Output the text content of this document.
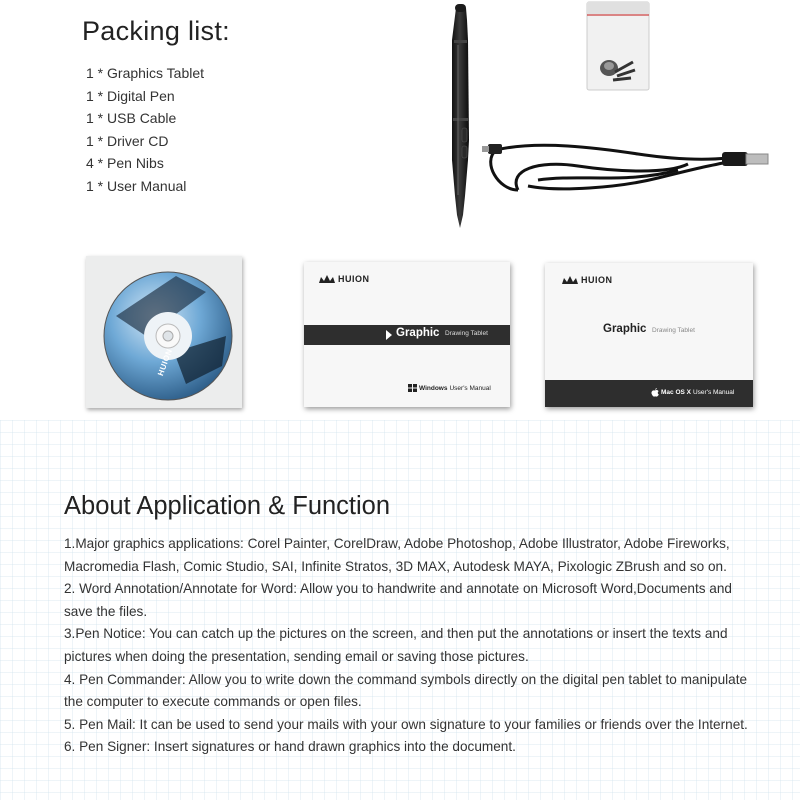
Packing list:
1 * Graphics Tablet
1 * Digital Pen
1 * USB Cable
1 * Driver CD
4 * Pen Nibs
1 * User Manual
HUION
HUION
Graphic Drawing Tablet
Windows User's Manual
HUION
Graphic Drawing Tablet
Mac OS X User's Manual
About Application & Function
1.Major graphics applications: Corel Painter, CorelDraw, Adobe Photoshop, Adobe Illustrator, Adobe Fireworks, Macromedia Flash, Comic Studio, SAI, Infinite Stratos, 3D MAX, Autodesk MAYA, Pixologic ZBrush and so on.
2. Word Annotation/Annotate for Word: Allow you to handwrite and annotate on Microsoft Word,Documents and save the files.
3.Pen Notice: You can catch up the pictures on the screen, and then put the annotations or insert the texts and pictures when doing the presentation, sending email or saving those pictures.
4. Pen Commander: Allow you to write down the command symbols directly on the digital pen tablet to manipulate the computer to execute commands or open files.
5. Pen Mail: It can be used to send your mails with your own signature to your families or friends over the Internet.
6. Pen Signer: Insert signatures or hand drawn graphics into the document.
